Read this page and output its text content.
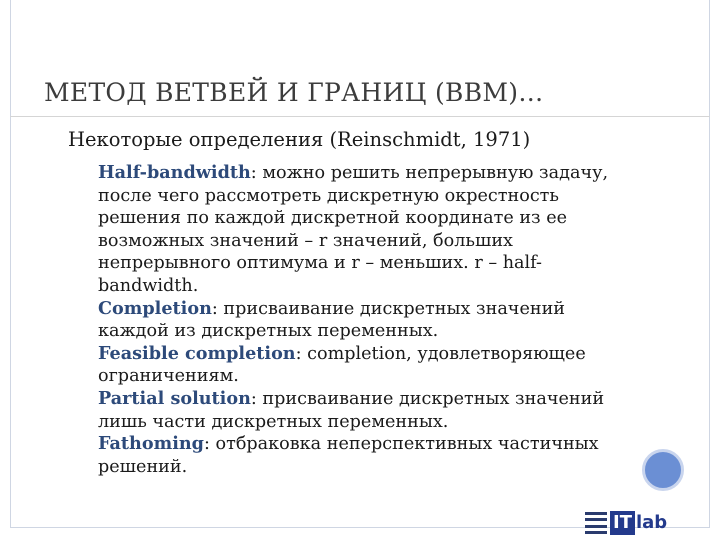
МЕТОД ВЕТВЕЙ И ГРАНИЦ (BBM)…
Некоторые определения (Reinschmidt, 1971)
Half-bandwidth: можно решить непрерывную задачу, после чего рассмотреть дискретную окрестность решения по каждой дискретной координате из ее возможных значений – r значений, больших непрерывного оптимума и r – меньших. r – half-bandwidth.
Completion: присваивание дискретных значений каждой из дискретных переменных.
Feasible completion: completion, удовлетворяющее ограничениям.
Partial solution: присваивание дискретных значений лишь части дискретных переменных.
Fathoming: отбраковка неперспективных частичных решений.
IT lab
